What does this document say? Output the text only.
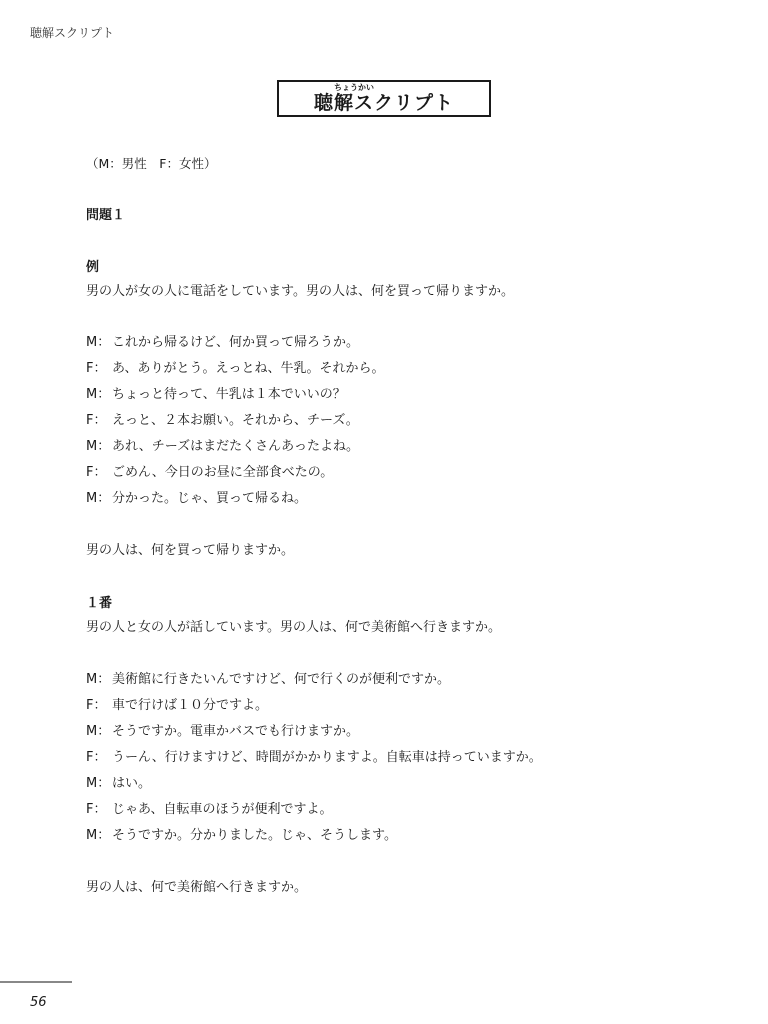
聴解スクリプト
ちょうかい
聴解スクリプト
（M：男性　F：女性）
問題１
例
男の人が女の人に電話をしています。男の人は、何を買って帰りますか。
M： これから帰るけど、何か買って帰ろうか。
F： あ、ありがとう。えっとね、牛乳。それから。
M： ちょっと待って、牛乳は１本でいいの？
F： えっと、２本お願い。それから、チーズ。
M： あれ、チーズはまだたくさんあったよね。
F： ごめん、今日のお昼に全部食べたの。
M： 分かった。じゃ、買って帰るね。
男の人は、何を買って帰りますか。
１番
男の人と女の人が話しています。男の人は、何で美術館へ行きますか。
M： 美術館に行きたいんですけど、何で行くのが便利ですか。
F： 車で行けば１０分ですよ。
M： そうですか。電車かバスでも行けますか。
F： うーん、行けますけど、時間がかかりますよ。自転車は持っていますか。
M： はい。
F： じゃあ、自転車のほうが便利ですよ。
M： そうですか。分かりました。じゃ、そうします。
男の人は、何で美術館へ行きますか。
56
